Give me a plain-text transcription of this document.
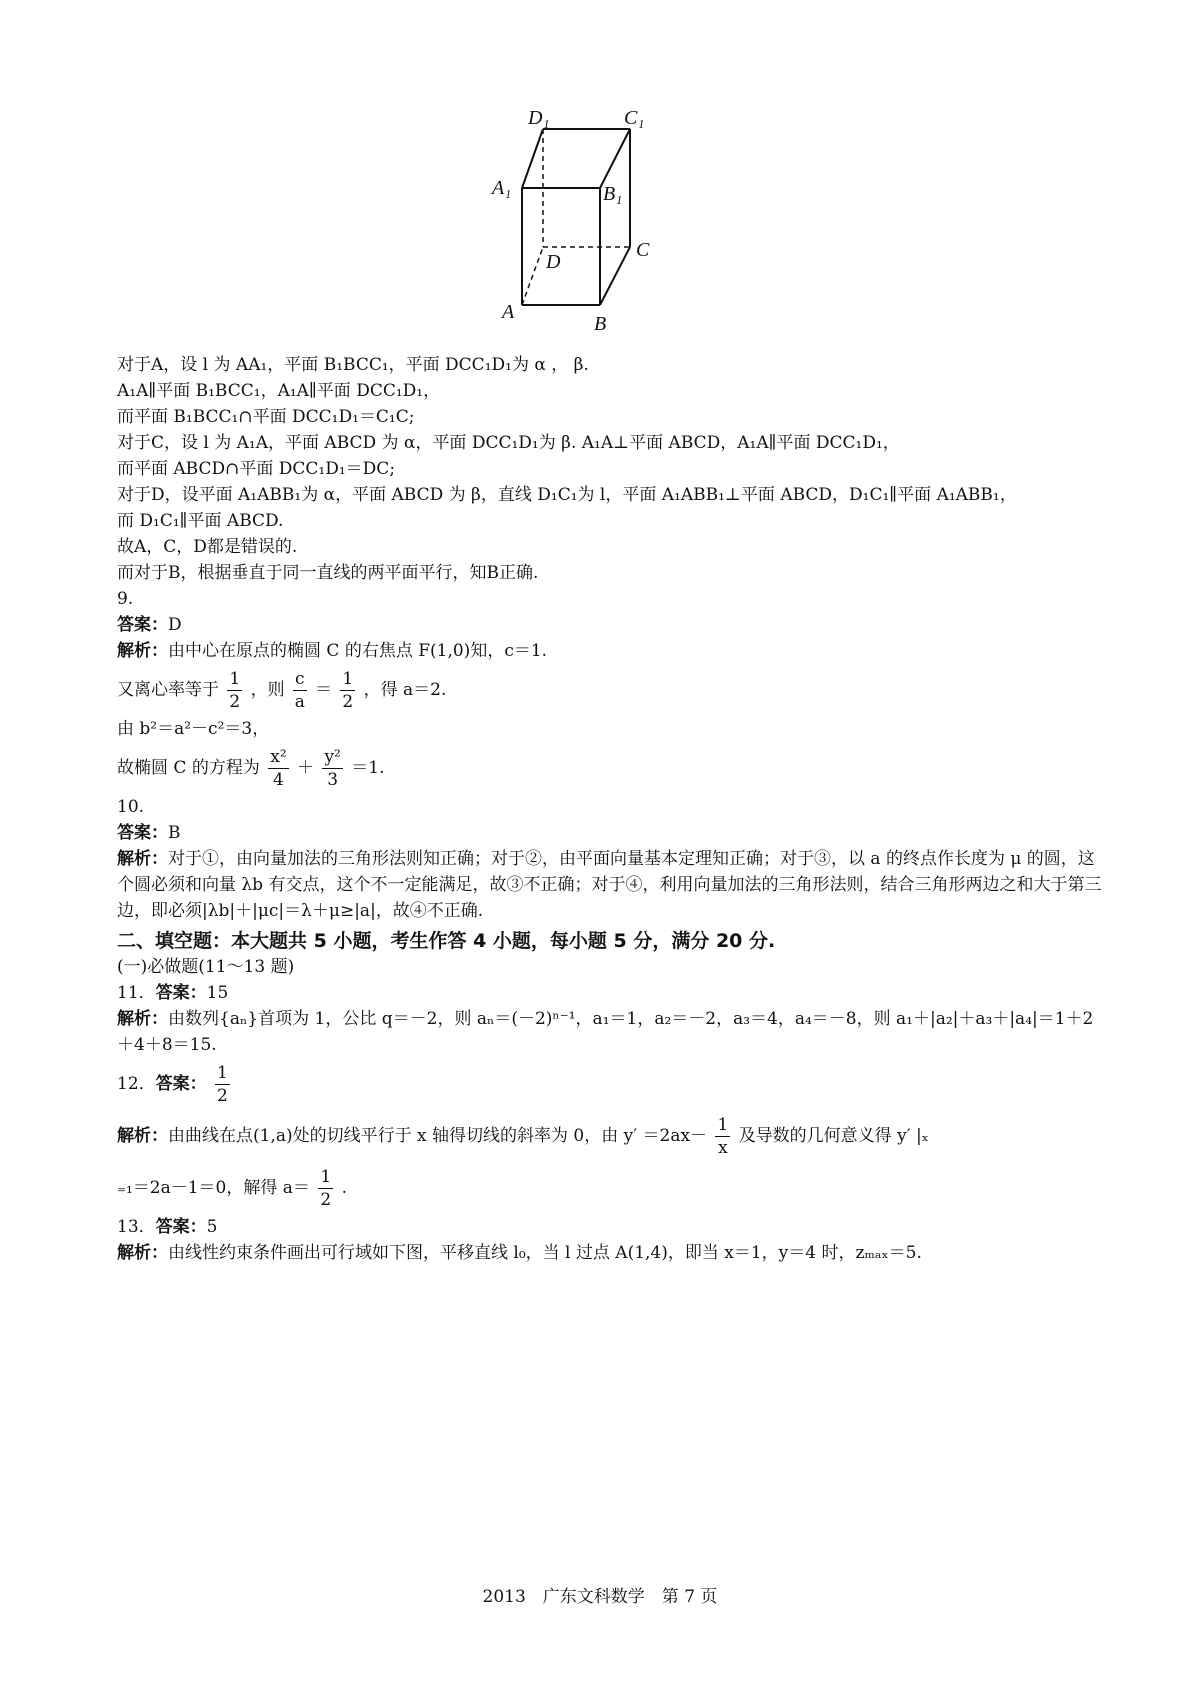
D₁	C₁
A₁	B₁
C
D
A
B
对于A，设 l 为 AA₁，平面 B₁BCC₁，平面 DCC₁D₁为 α ， β.
A₁A∥平面 B₁BCC₁，A₁A∥平面 DCC₁D₁，
而平面 B₁BCC₁∩平面 DCC₁D₁＝C₁C;
对于C，设 l 为 A₁A，平面 ABCD 为 α，平面 DCC₁D₁为 β. A₁A⊥平面 ABCD，A₁A∥平面 DCC₁D₁，
而平面 ABCD∩平面 DCC₁D₁＝DC;
对于D，设平面 A₁ABB₁为 α，平面 ABCD 为 β，直线 D₁C₁为 l，平面 A₁ABB₁⊥平面 ABCD，D₁C₁∥平面 A₁ABB₁，
而 D₁C₁∥平面 ABCD.
故A，C，D都是错误的.
而对于B，根据垂直于同一直线的两平面平行，知B正确.
9.
答案：D
解析：由中心在原点的椭圆 C 的右焦点 F(1,0)知，c＝1.
又离心率等于 $\frac{1}{2}$ ，则 $\frac{c}{a} = \frac{1}{2}$ ，得 a＝2.
由 b²＝a²－c²＝3，
故椭圆 C 的方程为 $\frac{\text{x²}}{4} + \frac{\text{y²}}{3} =1$.
10.
答案：B
解析：对于①，由向量加法的三角形法则知正确；对于②，由平面向量基本定理知正确；对于③，以 a 的终点作长度为 μ 的圆，这个圆必须和向量 λb 有交点，这个不一定能满足，故③不正确；对于④，利用向量加法的三角形法则，结合三角形两边之和大于第三边，即必须|λb|＋|μc|＝λ＋μ≥|a|，故④不正确.
二、填空题：本大题共 5 小题，考生作答 4 小题，每小题 5 分，满分 20 分.
(一)必做题(11～13 题)
11．答案：15
解析：由数列{aₙ}首项为 1，公比 q＝－2，则 aₙ＝(－2)ⁿ⁻¹，a₁＝1，a₂＝－2，a₃＝4，a₄＝－8，则 a₁＋|a₂|＋a₃＋|a₄|＝1＋2＋4＋8＝15.
12．答案： $\frac{1}{2}$
解析：由曲线在点(1,a)处的切线平行于 x 轴得切线的斜率为 0，由 $y' =2ax- \frac{1}{x}$ 及导数的几何意义得 y′ |ₓ
₌₁＝2a－1＝0，解得 $a= \frac{1}{2}$ .
13．答案：5
解析：由线性约束条件画出可行域如下图，平移直线 l₀，当 l 过点 A(1,4)，即当 x＝1，y＝4 时，zₘₐₓ＝5.
2013　广东文科数学　第 7 页
